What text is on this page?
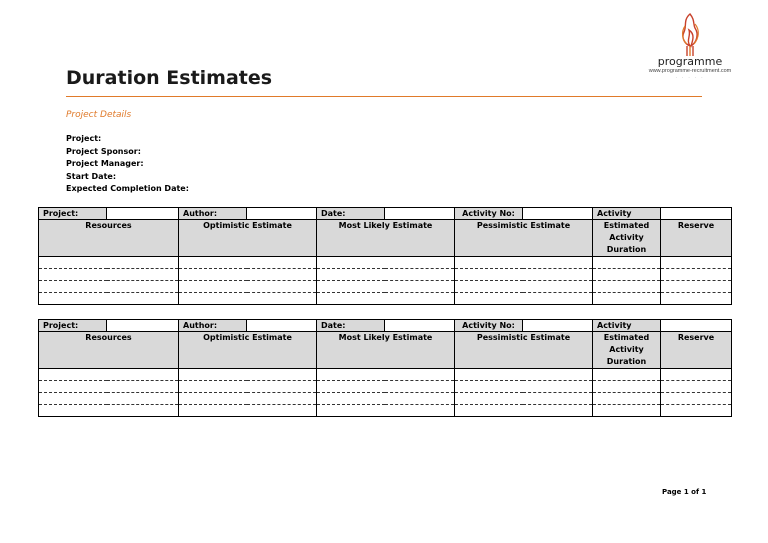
programme
www.programme-recruitment.com
· · · · ·
Duration Estimates
Project Details
Project:
Project Sponsor:
Project Manager:
Start Date:
Expected Completion Date:
Project:		Author:		Date:		Activity No:		Activity	
Resources		Optimistic Estimate		Most Likely Estimate		Pessimistic Estimate		Estimated Activity Duration	Reserve

Project:		Author:		Date:		Activity No:		Activity	
Resources		Optimistic Estimate		Most Likely Estimate		Pessimistic Estimate		Estimated Activity Duration	Reserve

Page 1 of 1
